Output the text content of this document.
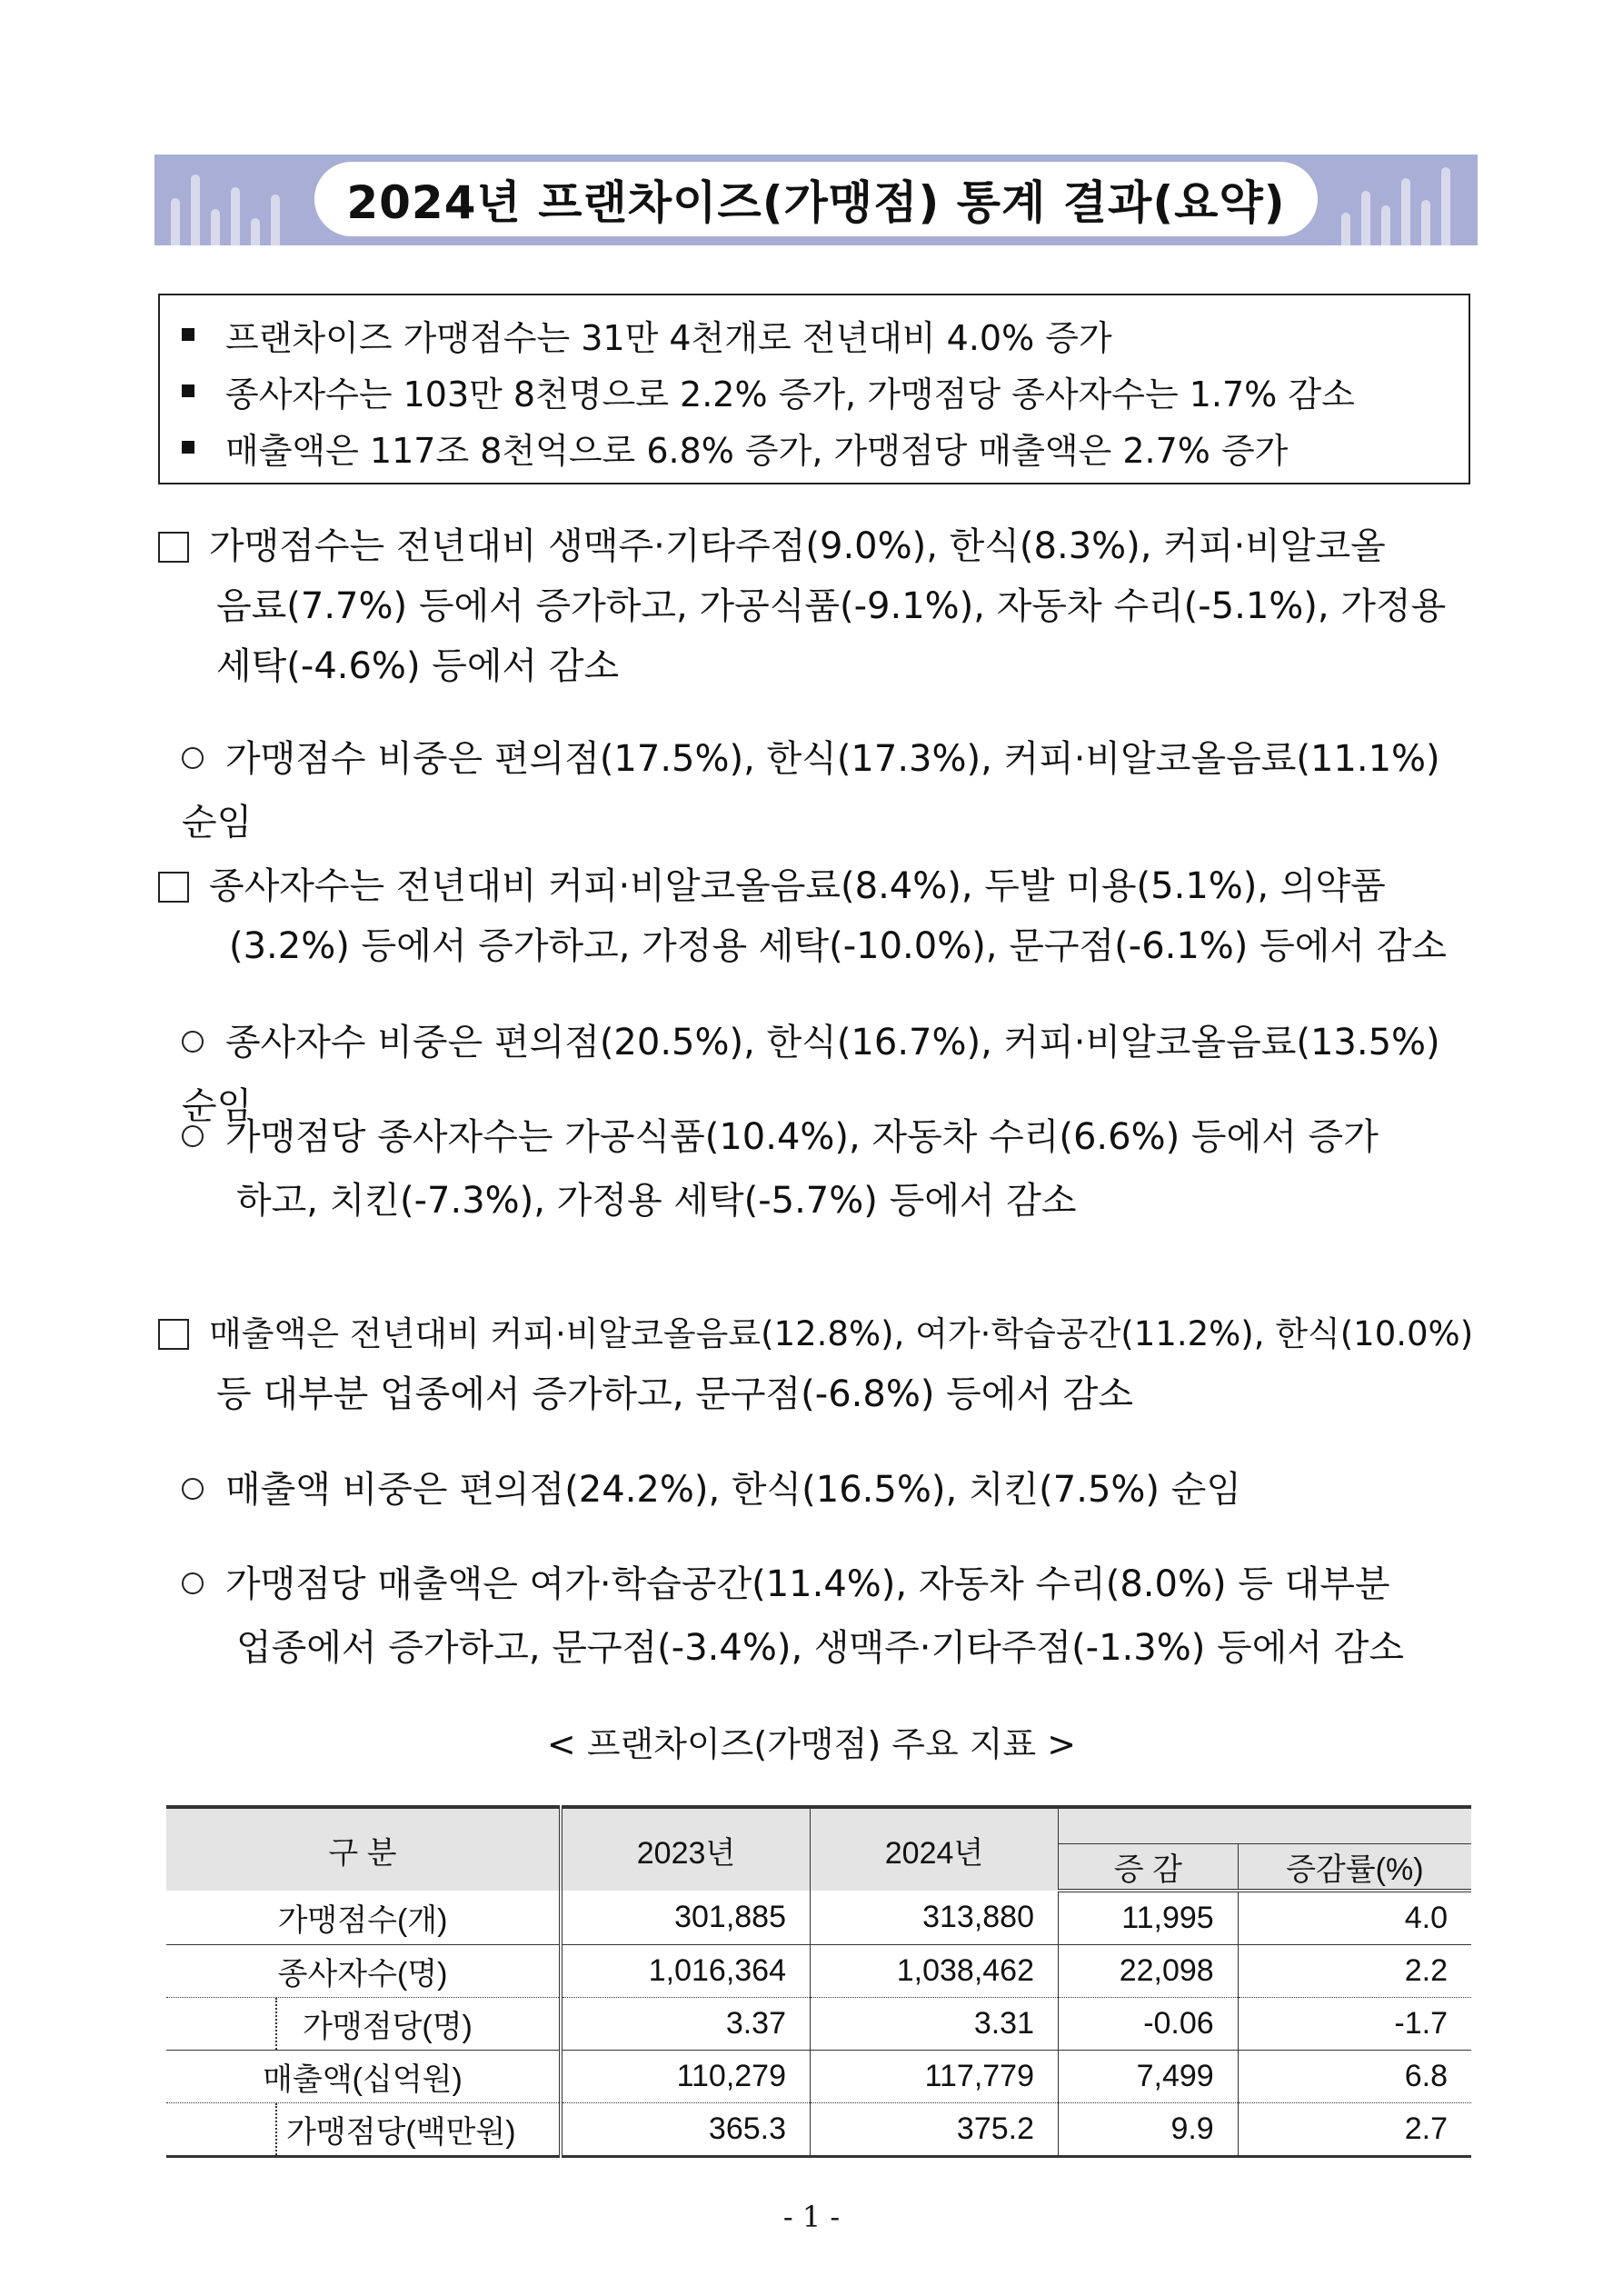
2024년 프랜차이즈(가맹점) 통계 결과(요약)
프랜차이즈 가맹점수는 31만 4천개로 전년대비 4.0% 증가
종사자수는 103만 8천명으로 2.2% 증가, 가맹점당 종사자수는 1.7% 감소
매출액은 117조 8천억으로 6.8% 증가, 가맹점당 매출액은 2.7% 증가
가맹점수는 전년대비 생맥주·기타주점(9.0%), 한식(8.3%), 커피·비알코올
음료(7.7%) 등에서 증가하고, 가공식품(-9.1%), 자동차 수리(-5.1%), 가정용
세탁(-4.6%) 등에서 감소
가맹점수 비중은 편의점(17.5%), 한식(17.3%), 커피·비알코올음료(11.1%) 순임
종사자수는 전년대비 커피·비알코올음료(8.4%), 두발 미용(5.1%), 의약품
(3.2%) 등에서 증가하고, 가정용 세탁(-10.0%), 문구점(-6.1%) 등에서 감소
종사자수 비중은 편의점(20.5%), 한식(16.7%), 커피·비알코올음료(13.5%) 순임
가맹점당 종사자수는 가공식품(10.4%), 자동차 수리(6.6%) 등에서 증가
하고, 치킨(-7.3%), 가정용 세탁(-5.7%) 등에서 감소
매출액은 전년대비 커피·비알코올음료(12.8%), 여가·학습공간(11.2%), 한식(10.0%)
등 대부분 업종에서 증가하고, 문구점(-6.8%) 등에서 감소
매출액 비중은 편의점(24.2%), 한식(16.5%), 치킨(7.5%) 순임
가맹점당 매출액은 여가·학습공간(11.4%), 자동차 수리(8.0%) 등 대부분
업종에서 증가하고, 문구점(-3.4%), 생맥주·기타주점(-1.3%) 등에서 감소
< 프랜차이즈(가맹점) 주요 지표 >
구 분	2023년	2024년		
			증 감	증감률(%)
가맹점수(개)	301,885	313,880	11,995	4.0
종사자수(명)	1,016,364	1,038,462	22,098	2.2

가맹점당(명)	3.37	3.31	-0.06	-1.7
매출액(십억원)	110,279	117,779	7,499	6.8

가맹점당(백만원)	365.3	375.2	9.9	2.7
- 1 -
